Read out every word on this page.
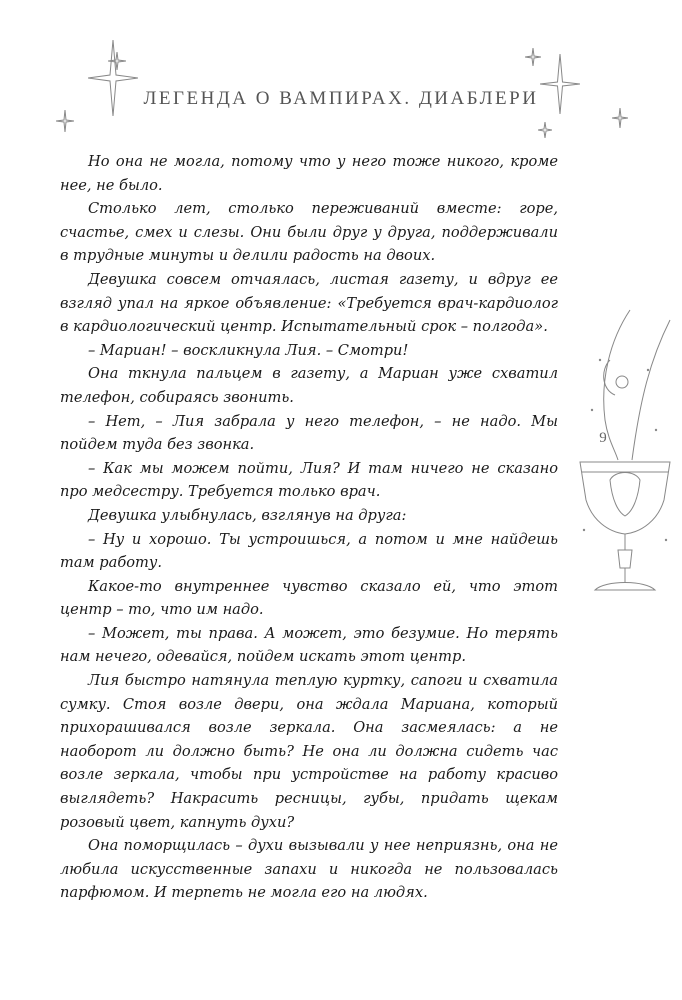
ЛЕГЕНДА О ВАМПИРАХ. ДИАБЛЕРИ
9

Но она не могла, потому что у него тоже никого, кроме нее, не было.

Столько лет, столько переживаний вместе: горе, счастье, смех и слезы. Они были друг у друга, поддерживали в трудные минуты и делили радость на двоих.

Девушка совсем отчаялась, листая газету, и вдруг ее взгляд упал на яркое объявление: «Требуется врач-кардиолог в кардиологический центр. Испытательный срок – полгода».

– Мариан! – воскликнула Лия. – Смотри!

Она ткнула пальцем в газету, а Мариан уже схватил телефон, собираясь звонить.

– Нет, – Лия забрала у него телефон, – не надо. Мы пойдем туда без звонка.

– Как мы можем пойти, Лия? И там ничего не сказано про медсестру. Требуется только врач.

Девушка улыбнулась, взглянув на друга:

– Ну и хорошо. Ты устроишься, а потом и мне найдешь там работу.

Какое-то внутреннее чувство сказало ей, что этот центр – то, что им надо.

– Может, ты права. А может, это безумие. Но терять нам нечего, одевайся, пойдем искать этот центр.

Лия быстро натянула теплую куртку, сапоги и схватила сумку. Стоя возле двери, она ждала Мариана, который прихорашивался возле зеркала. Она засмеялась: а не наоборот ли должно быть? Не она ли должна сидеть час возле зеркала, чтобы при устройстве на работу красиво выглядеть? Накрасить ресницы, губы, придать щекам розовый цвет, капнуть духи?

Она поморщилась – духи вызывали у нее неприязнь, она не любила искусственные запахи и никогда не пользовалась парфюмом. И терпеть не могла его на людях.
